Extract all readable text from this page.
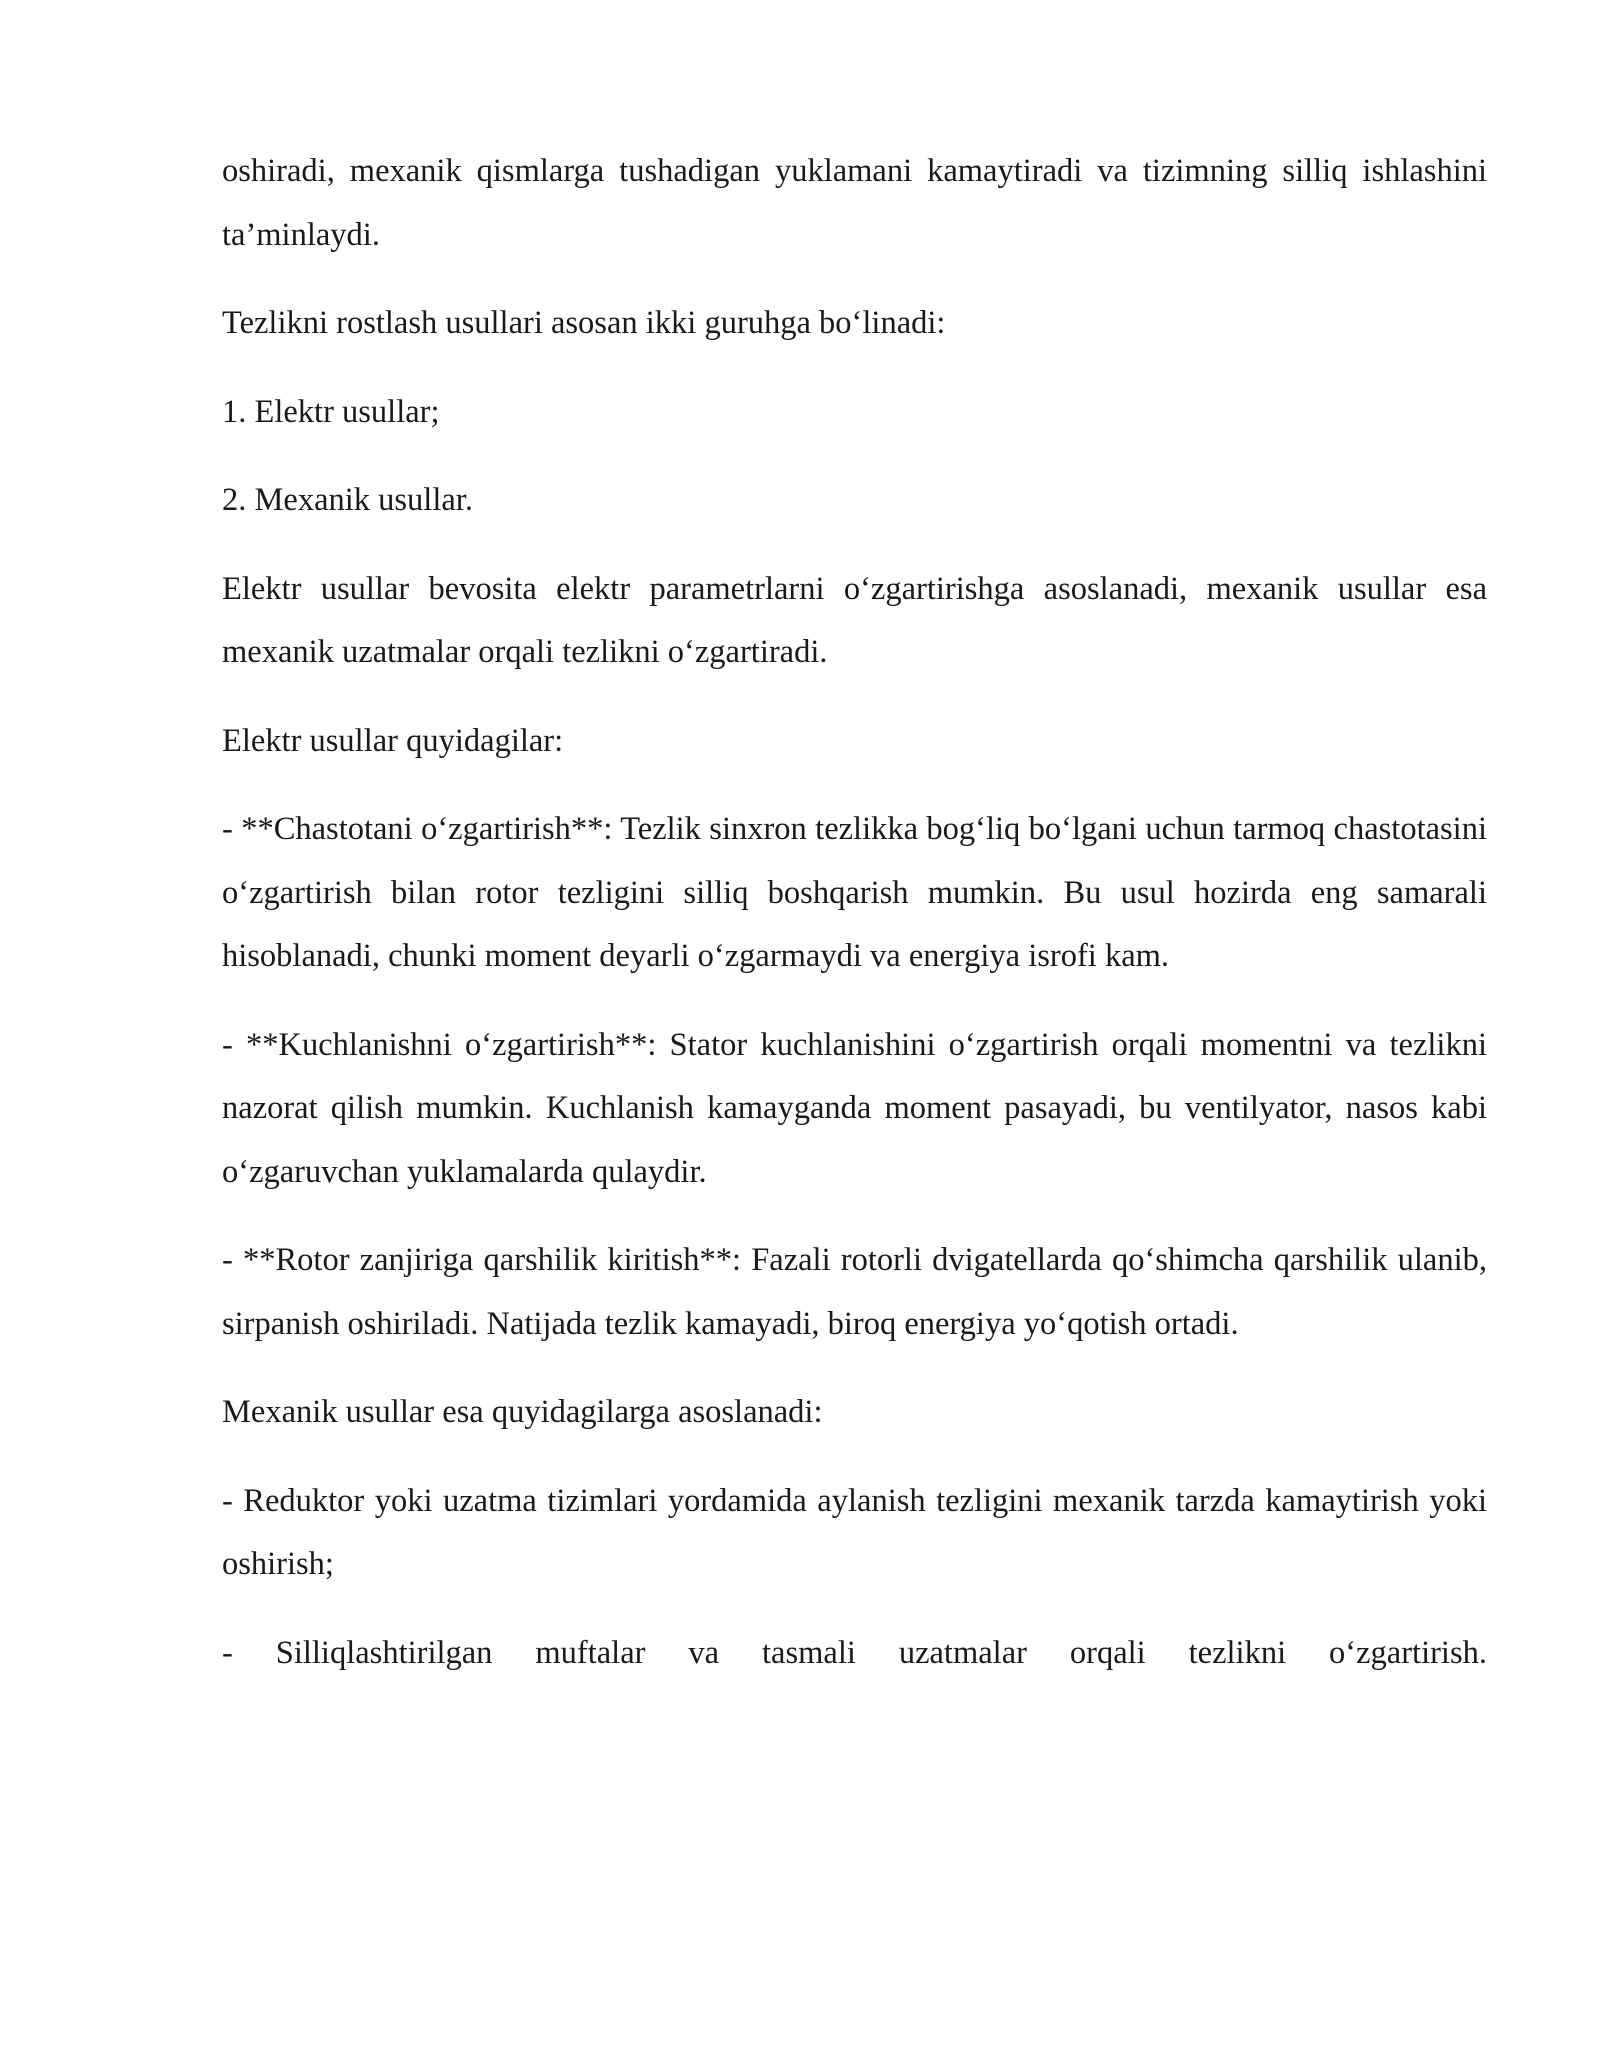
oshiradi, mexanik qismlarga tushadigan yuklamani kamaytiradi va tizimning silliq ishlashini ta’minlaydi.

Tezlikni rostlash usullari asosan ikki guruhga bo‘linadi:

1. Elektr usullar;

2. Mexanik usullar.

Elektr usullar bevosita elektr parametrlarni o‘zgartirishga asoslanadi, mexanik usullar esa mexanik uzatmalar orqali tezlikni o‘zgartiradi.

Elektr usullar quyidagilar:

- **Chastotani o‘zgartirish**: Tezlik sinxron tezlikka bog‘liq bo‘lgani uchun tarmoq chastotasini o‘zgartirish bilan rotor tezligini silliq boshqarish mumkin. Bu usul hozirda eng samarali hisoblanadi, chunki moment deyarli o‘zgarmaydi va energiya isrofi kam.

- **Kuchlanishni o‘zgartirish**: Stator kuchlanishini o‘zgartirish orqali momentni va tezlikni nazorat qilish mumkin. Kuchlanish kamayganda moment pasayadi, bu ventilyator, nasos kabi o‘zgaruvchan yuklamalarda qulaydir.

- **Rotor zanjiriga qarshilik kiritish**: Fazali rotorli dvigatellarda qo‘shimcha qarshilik ulanib, sirpanish oshiriladi. Natijada tezlik kamayadi, biroq energiya yo‘qotish ortadi.

Mexanik usullar esa quyidagilarga asoslanadi:

- Reduktor yoki uzatma tizimlari yordamida aylanish tezligini mexanik tarzda kamaytirish yoki oshirish;

- Silliqlashtirilgan muftalar va tasmali uzatmalar orqali tezlikni o‘zgartirish.
